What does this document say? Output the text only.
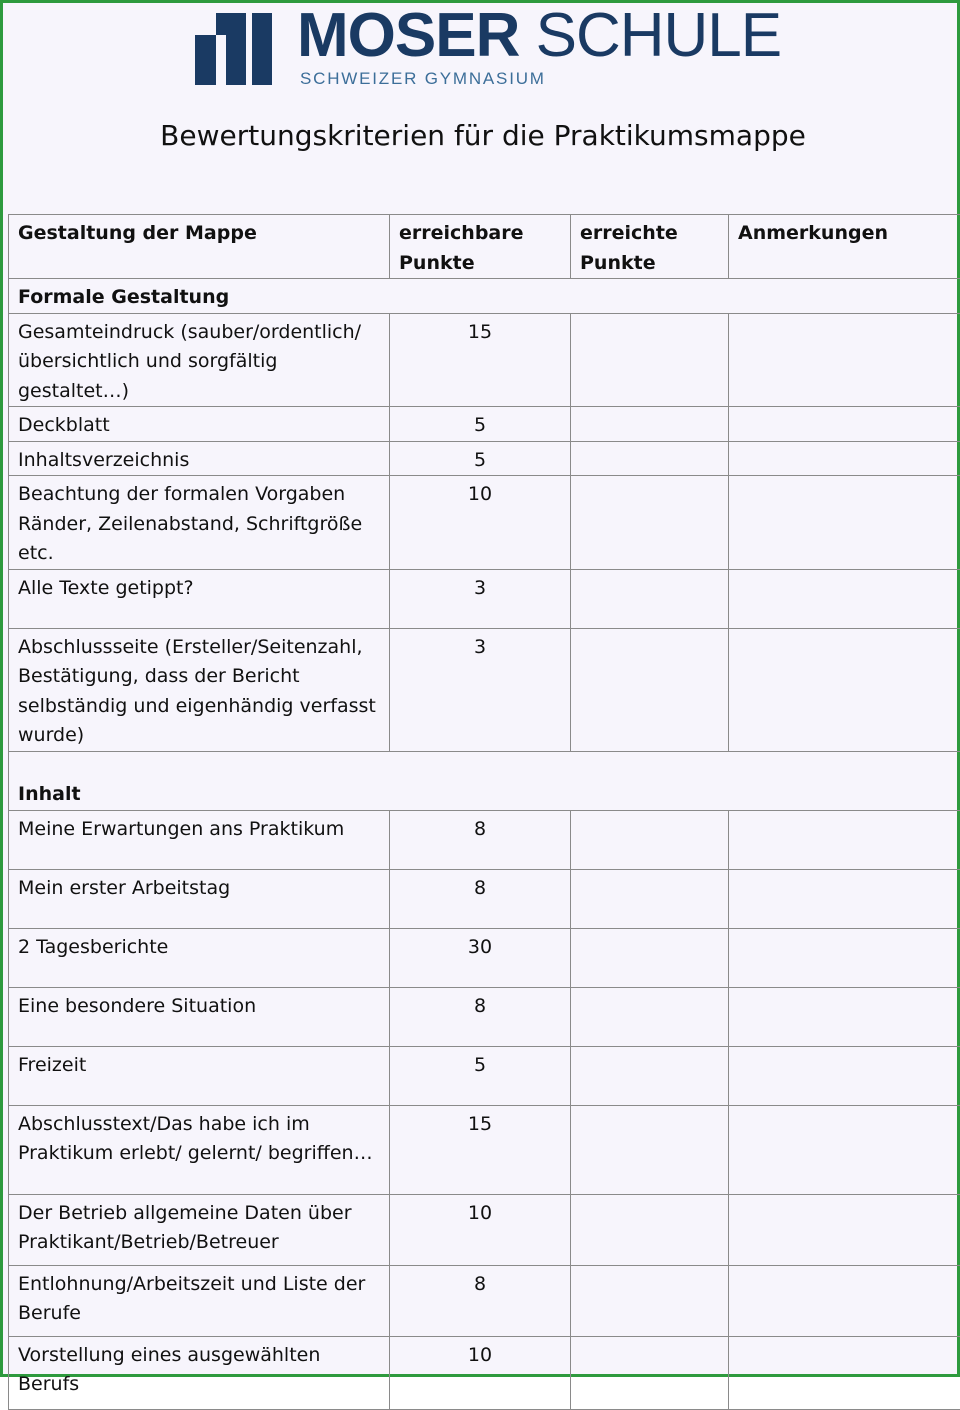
MOSER SCHULE
SCHWEIZER GYMNASIUM
Bewertungskriterien für die Praktikumsmappe
Gestaltung der Mappe	erreichbare Punkte	erreichte Punkte	Anmerkungen
Formale Gestaltung			
Gesamteindruck (sauber/ordentlich/übersichtlich und sorgfältig gestaltet…)	15		
Deckblatt	5		
Inhaltsverzeichnis	5		
Beachtung der formalen Vorgaben Ränder, Zeilenabstand, Schriftgröße etc.	10		
Alle Texte getippt?	3		
Abschlussseite (Ersteller/Seitenzahl, Bestätigung, dass der Bericht selbständig und eigenhändig verfasst wurde)	3		
Inhalt			
Meine Erwartungen ans Praktikum	8		
Mein erster Arbeitstag	8		
2 Tagesberichte	30		
Eine besondere Situation	8		
Freizeit	5		
Abschlusstext/Das habe ich im Praktikum erlebt/ gelernt/ begriffen…	15		
Der Betrieb allgemeine Daten über Praktikant/Betrieb/Betreuer	10		
Entlohnung/Arbeitszeit und Liste der Berufe	8		
Vorstellung eines ausgewählten Berufs	10		
